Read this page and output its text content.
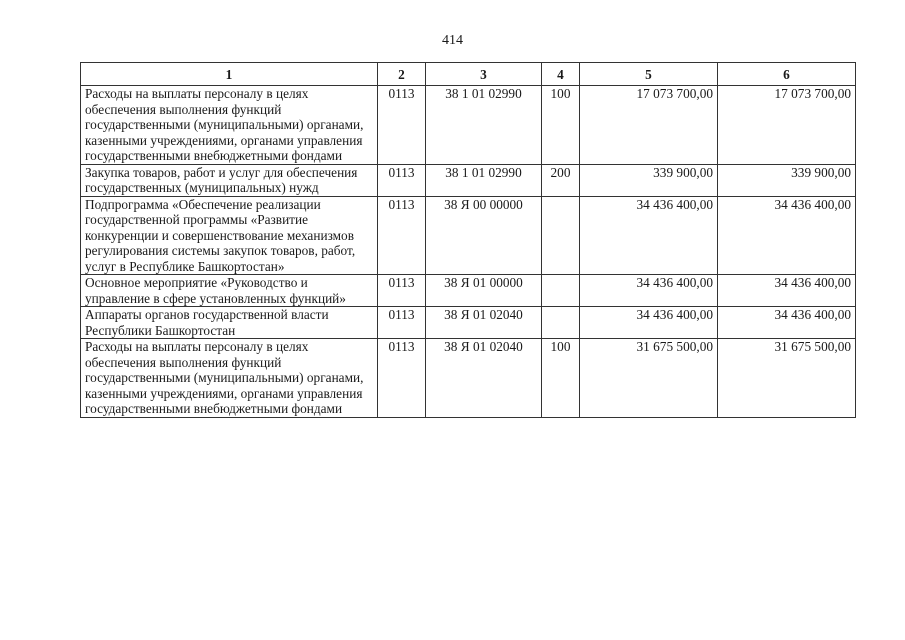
414
1	2	3	4	5	6
Расходы на выплаты персоналу в целях обеспечения выполнения функций государственными (муниципальными) органами, казенными учреждениями, органами управления государственными внебюджетными фондами	0113	38 1 01 02990	100	17 073 700,00	17 073 700,00
Закупка товаров, работ и услуг для обеспечения государственных (муниципальных) нужд	0113	38 1 01 02990	200	339 900,00	339 900,00
Подпрограмма «Обеспечение реализации государственной программы «Развитие конкуренции и совершенствование механизмов регулирования системы закупок товаров, работ, услуг в Республике Башкортостан»	0113	38 Я 00 00000		34 436 400,00	34 436 400,00
Основное мероприятие «Руководство и управление в сфере установленных функций»	0113	38 Я 01 00000		34 436 400,00	34 436 400,00
Аппараты органов государственной власти Республики Башкортостан	0113	38 Я 01 02040		34 436 400,00	34 436 400,00
Расходы на выплаты персоналу в целях обеспечения выполнения функций государственными (муниципальными) органами, казенными учреждениями, органами управления государственными внебюджетными фондами	0113	38 Я 01 02040	100	31 675 500,00	31 675 500,00
